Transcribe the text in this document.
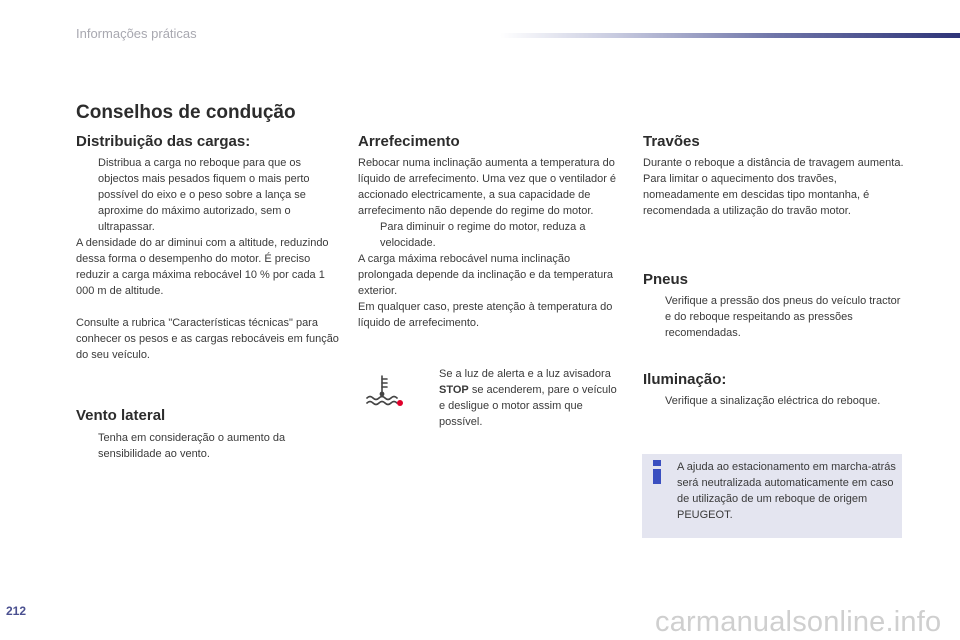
Informações práticas
Conselhos de condução
Distribuição das cargas:
Distribua a carga no reboque para que os objectos mais pesados fiquem o mais perto possível do eixo e o peso sobre a lança se aproxime do máximo autorizado, sem o ultrapassar.

A densidade do ar diminui com a altitude, reduzindo dessa forma o desempenho do motor. É preciso reduzir a carga máxima rebocável 10 % por cada 1 000 m de altitude.

Consulte a rubrica "Características técnicas" para conhecer os pesos e as cargas rebocáveis em função do seu veículo.

Vento lateral
Tenha em consideração o aumento da sensibilidade ao vento.
Arrefecimento

Rebocar numa inclinação aumenta a temperatura do líquido de arrefecimento. Uma vez que o ventilador é accionado electricamente, a sua capacidade de arrefecimento não depende do regime do motor.

Para diminuir o regime do motor, reduza a velocidade.

A carga máxima rebocável numa inclinação prolongada depende da inclinação e da temperatura exterior.

Em qualquer caso, preste atenção à temperatura do líquido de arrefecimento.

Se a luz de alerta e a luz avisadora STOP se acenderem, pare o veículo e desligue o motor assim que possível.
Travões

Durante o reboque a distância de travagem aumenta.

Para limitar o aquecimento dos travões, nomeadamente em descidas tipo montanha, é recomendada a utilização do travão motor.

Pneus
Verifique a pressão dos pneus do veículo tractor e do reboque respeitando as pressões recomendadas.
Iluminação:
Verifique a sinalização eléctrica do reboque.
A ajuda ao estacionamento em marcha-atrás será neutralizada automaticamente em caso de utilização de um reboque de origem PEUGEOT.
212	carmanualsonline.info
